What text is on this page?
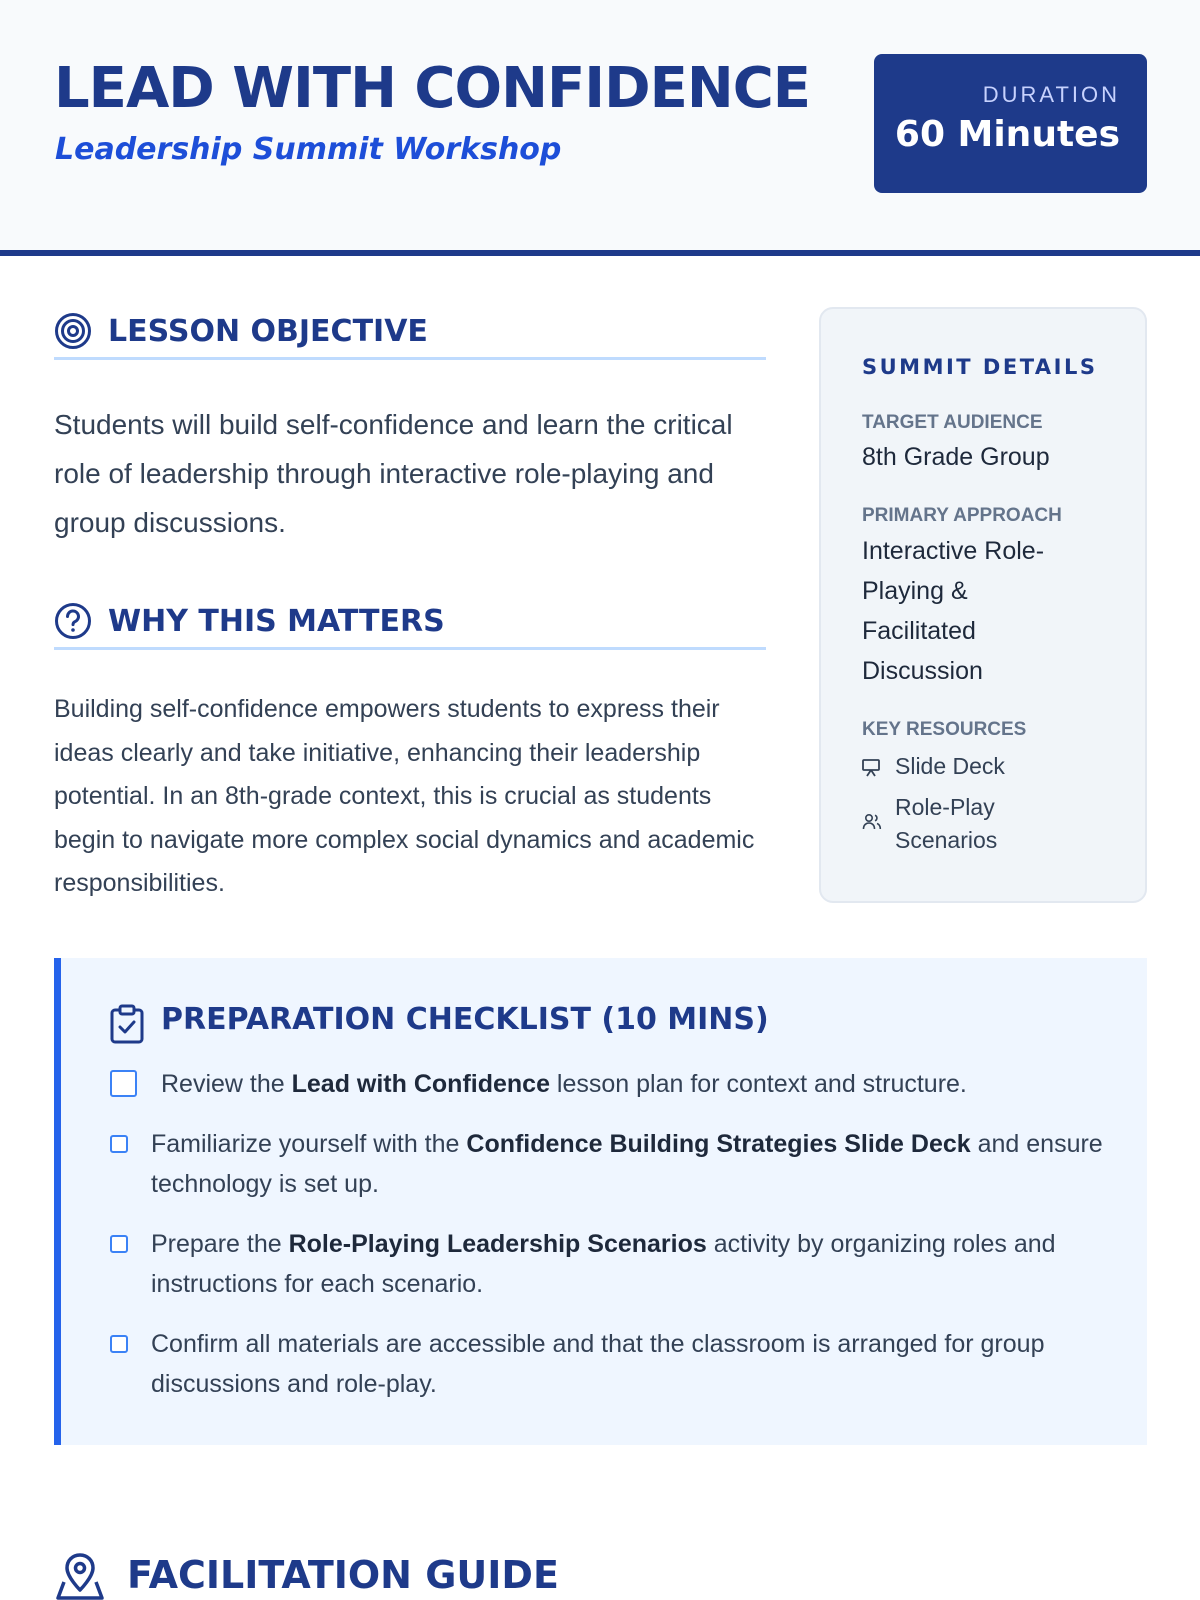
LEAD WITH CONFIDENCE
Leadership Summit Workshop
DURATION
60 Minutes
LESSON OBJECTIVE
Students will build self-confidence and learn the critical role of leadership through interactive role-playing and group discussions.
WHY THIS MATTERS
Building self-confidence empowers students to express their ideas clearly and take initiative, enhancing their leadership potential. In an 8th-grade context, this is crucial as students begin to navigate more complex social dynamics and academic responsibilities.
SUMMIT DETAILS
TARGET AUDIENCE
8th Grade Group
PRIMARY APPROACH
Interactive Role-Playing & Facilitated Discussion
KEY RESOURCES
Slide Deck
Role-Play Scenarios
PREPARATION CHECKLIST (10 MINS)
Review the Lead with Confidence lesson plan for context and structure.
Familiarize yourself with the Confidence Building Strategies Slide Deck and ensure technology is set up.
Prepare the Role-Playing Leadership Scenarios activity by organizing roles and instructions for each scenario.
Confirm all materials are accessible and that the classroom is arranged for group discussions and role-play.
FACILITATION GUIDE
